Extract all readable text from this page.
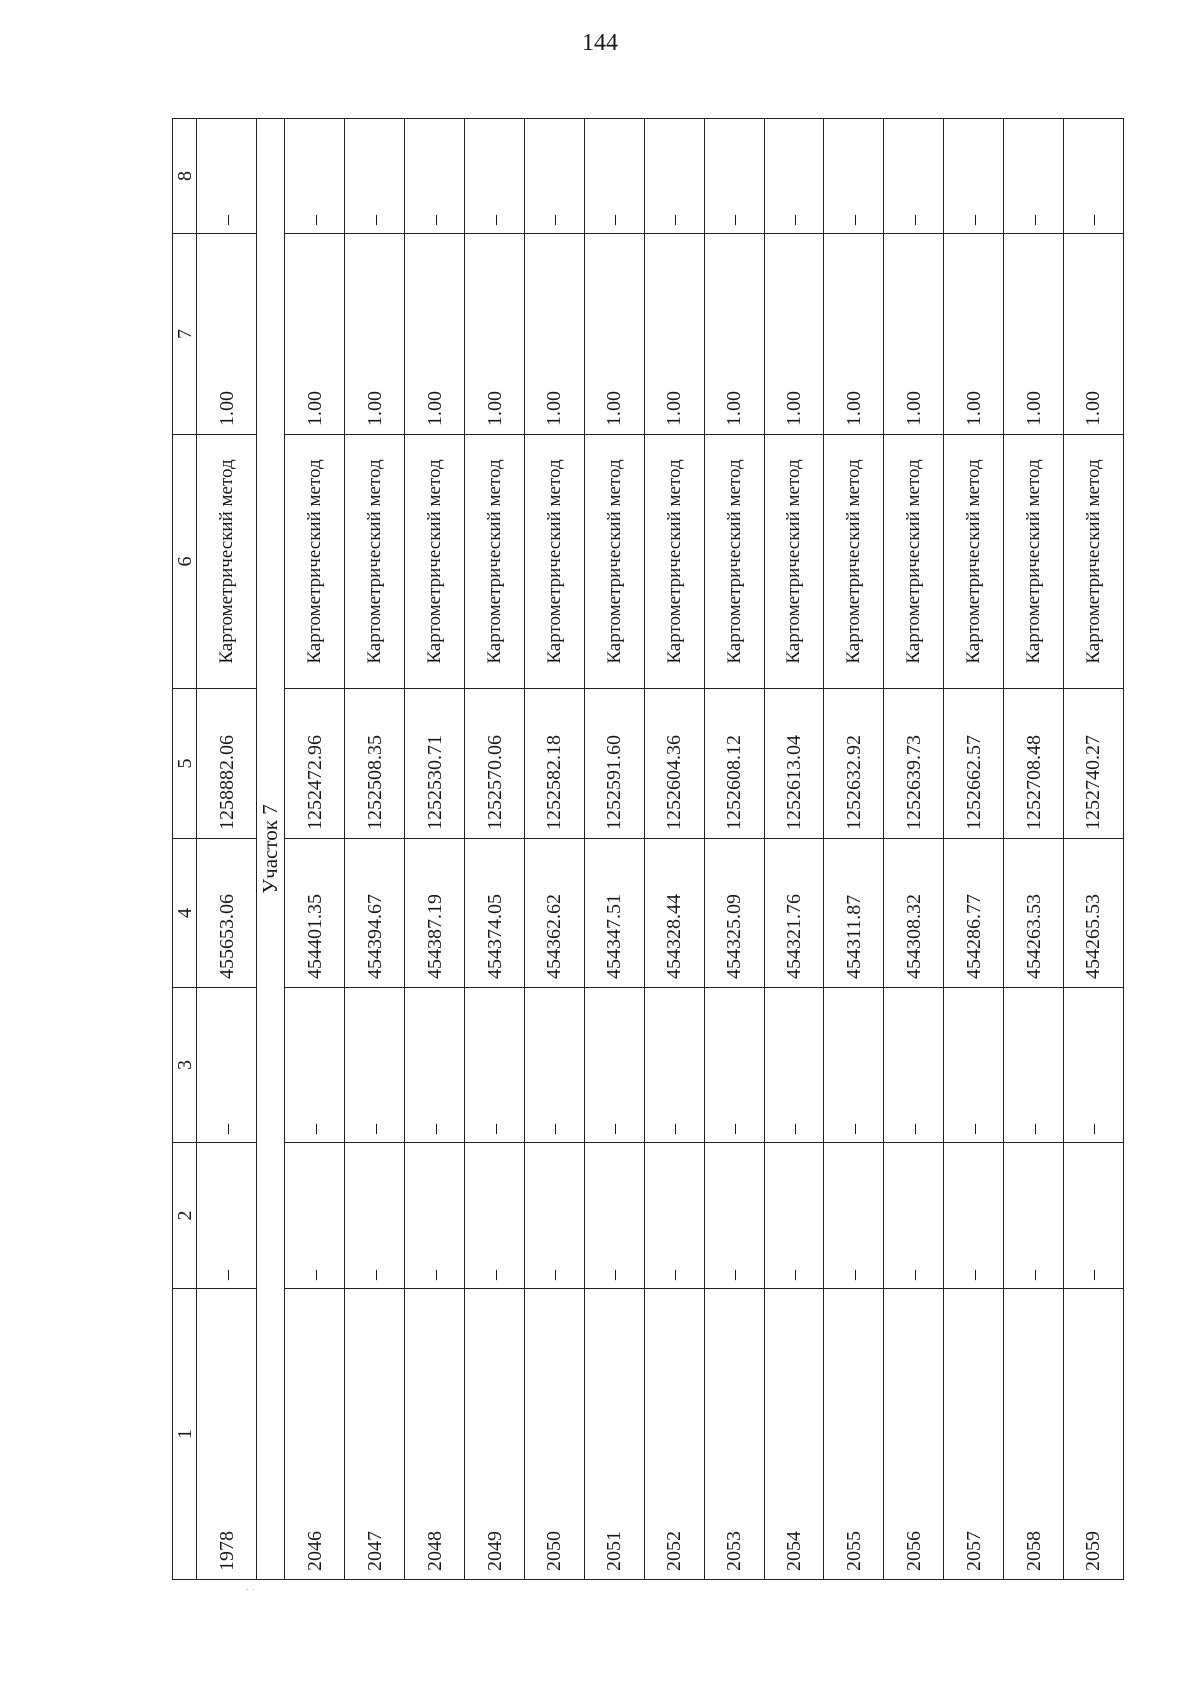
144
1	2	3	4	5	6	7	8
1978	–	–	455653.06	1258882.06	Картометрический метод	1.00	–
Участок 7							
2046	–	–	454401.35	1252472.96	Картометрический метод	1.00	–
2047	–	–	454394.67	1252508.35	Картометрический метод	1.00	–
2048	–	–	454387.19	1252530.71	Картометрический метод	1.00	–
2049	–	–	454374.05	1252570.06	Картометрический метод	1.00	–
2050	–	–	454362.62	1252582.18	Картометрический метод	1.00	–
2051	–	–	454347.51	1252591.60	Картометрический метод	1.00	–
2052	–	–	454328.44	1252604.36	Картометрический метод	1.00	–
2053	–	–	454325.09	1252608.12	Картометрический метод	1.00	–
2054	–	–	454321.76	1252613.04	Картометрический метод	1.00	–
2055	–	–	454311.87	1252632.92	Картометрический метод	1.00	–
2056	–	–	454308.32	1252639.73	Картометрический метод	1.00	–
2057	–	–	454286.77	1252662.57	Картометрический метод	1.00	–
2058	–	–	454263.53	1252708.48	Картометрический метод	1.00	–
2059	–	–	454265.53	1252740.27	Картометрический метод	1.00	–
· ·
